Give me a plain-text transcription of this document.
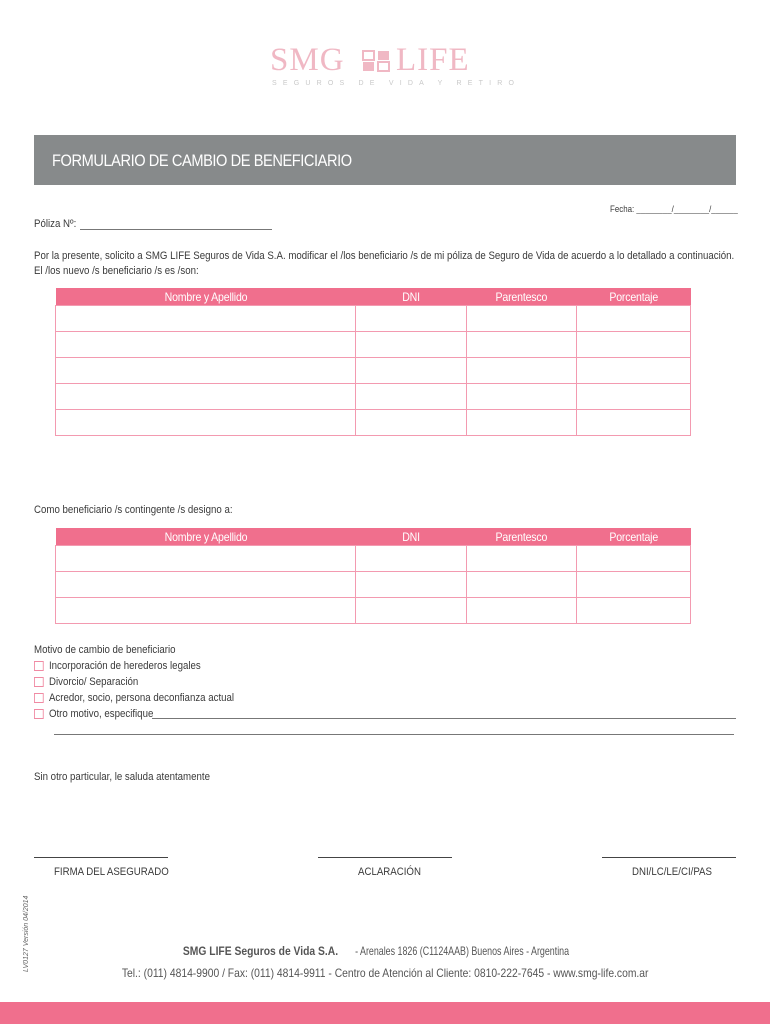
SMG LIFE
SEGUROS DE VIDA Y RETIRO
FORMULARIO DE CAMBIO DE BENEFICIARIO
Fecha: ________/________/______
Póliza Nº:
Por la presente, solicito a SMG LIFE Seguros de Vida S.A. modificar el /los beneficiario /s de mi póliza de Seguro de Vida de acuerdo a lo detallado a continuación.
El /los nuevo /s beneficiario /s es /son:
Nombre y Apellido	DNI	Parentesco	Porcentaje

Como beneficiario /s contingente /s designo a:
Nombre y Apellido	DNI	Parentesco	Porcentaje

Motivo de cambio de beneficiario
Incorporación de herederos legales
Divorcio/ Separación
Acredor, socio, persona deconfianza actual
Otro motivo, especifique
Sin otro particular, le saluda atentamente
FIRMA DEL ASEGURADO	ACLARACIÓN	DNI/LC/LE/CI/PAS
LV0127 Versión 04/2014	SMG LIFE Seguros de Vida S.A.- Arenales 1826 (C1124AAB) Buenos Aires - Argentina
Tel.: (011) 4814-9900 / Fax: (011) 4814-9911 - Centro de Atención al Cliente: 0810-222-7645 - www.smg-life.com.ar
